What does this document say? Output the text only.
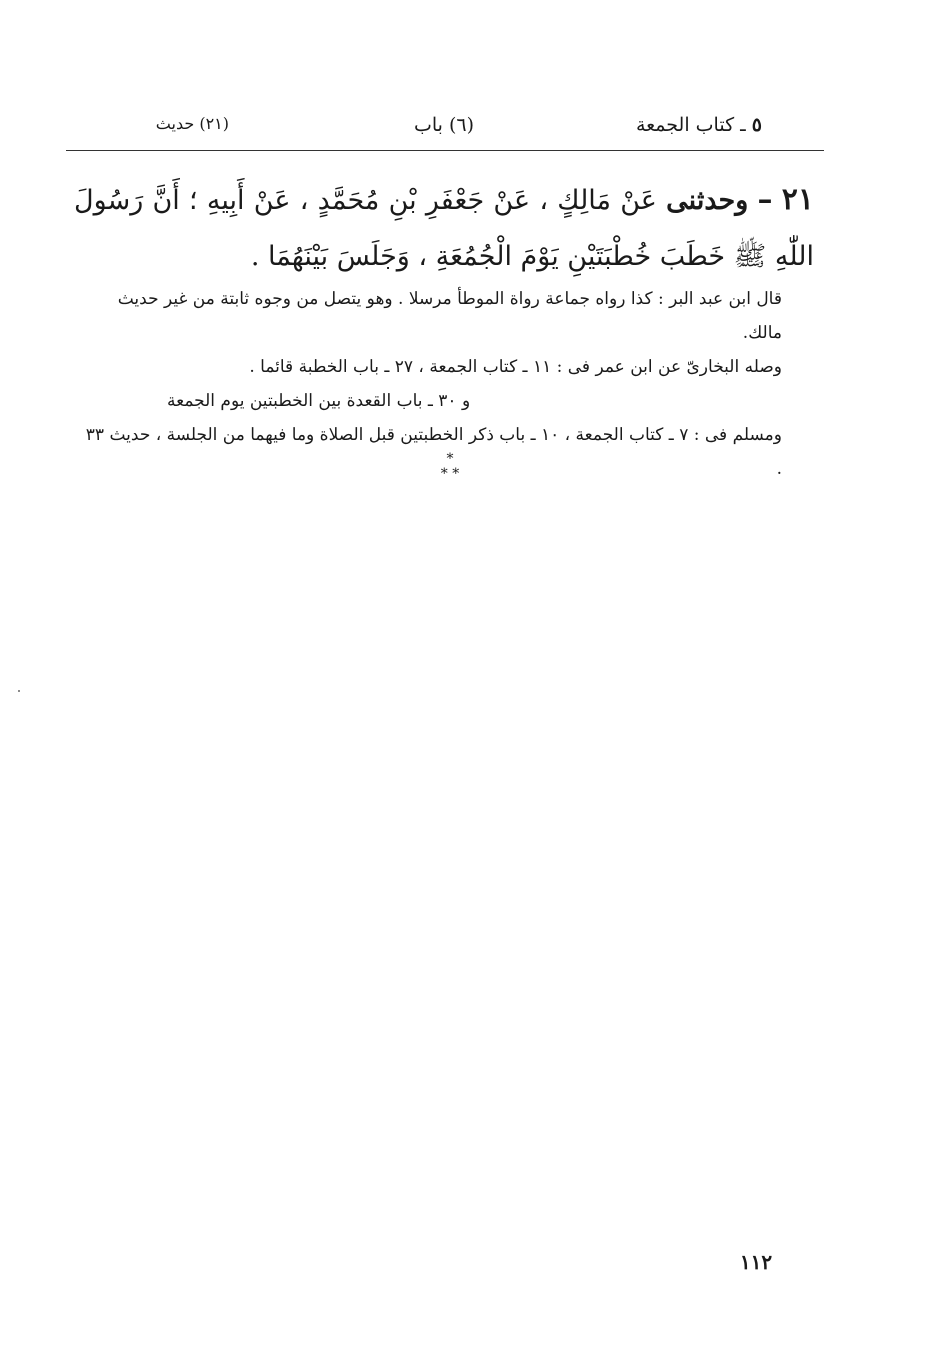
٥ ـ كتاب الجمعة
(٦) باب
(٢١) حديث
٢١ – وحدثنى عَنْ مَالِكٍ ، عَنْ جَعْفَرِ بْنِ مُحَمَّدٍ ، عَنْ أَبِيهِ ؛ أَنَّ رَسُولَ اللّٰهِ ﷺ خَطَبَ خُطْبَتَيْنِ يَوْمَ الْجُمُعَةِ ، وَجَلَسَ بَيْنَهُمَا .

قال ابن عبد البر : كذا رواه جماعة رواة الموطأ مرسلا . وهو يتصل من وجوه ثابتة من غير حديث مالك.

وصله البخارىّ عن ابن عمر فى : ١١ ـ كتاب الجمعة ، ٢٧ ـ باب الخطبة قائما .

و ٣٠ ـ باب القعدة بين الخطبتين يوم الجمعة

ومسلم فى : ٧ ـ كتاب الجمعة ، ١٠ ـ باب ذكر الخطبتين قبل الصلاة وما فيهما من الجلسة ، حديث ٣٣ .

*
* *
١١٢
